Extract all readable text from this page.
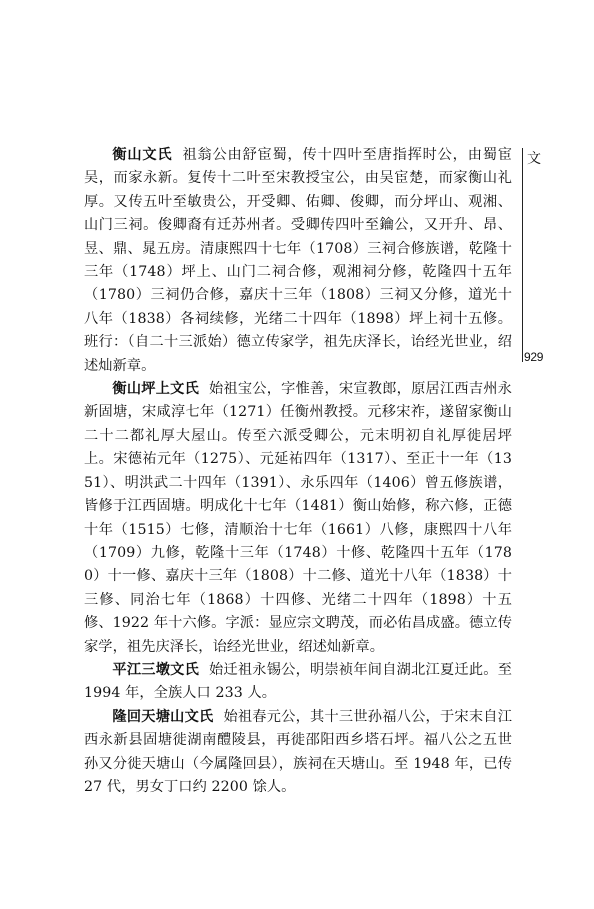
文
929

衡山文氏 祖翁公由舒宦蜀，传十四叶至唐指挥时公，由蜀宦吴，而家永新。复传十二叶至宋教授宝公，由吴宦楚，而家衡山礼厚。又传五叶至敏贵公，开受卿、佑卿、俊卿，而分坪山、观湘、山门三祠。俊卿裔有迁苏州者。受卿传四叶至鑰公，又开升、昂、昱、鼎、晁五房。清康熙四十七年（1708）三祠合修族谱，乾隆十三年（1748）坪上、山门二祠合修，观湘祠分修，乾隆四十五年（1780）三祠仍合修，嘉庆十三年（1808）三祠又分修，道光十八年（1838）各祠续修，光绪二十四年（1898）坪上祠十五修。班行：（自二十三派始）德立传家学，祖先庆泽长，诒经光世业，绍述灿新章。

衡山坪上文氏 始祖宝公，字惟善，宋宣教郎，原居江西吉州永新固塘，宋咸淳七年（1271）任衡州教授。元移宋祚，遂留家衡山二十二都礼厚大屋山。传至六派受卿公，元末明初自礼厚徙居坪上。宋德祐元年（1275）、元延祐四年（1317）、至正十一年（1351）、明洪武二十四年（1391）、永乐四年（1406）曾五修族谱，皆修于江西固塘。明成化十七年（1481）衡山始修，称六修，正德十年（1515）七修，清顺治十七年（1661）八修，康熙四十八年（1709）九修，乾隆十三年（1748）十修、乾隆四十五年（1780）十一修、嘉庆十三年（1808）十二修、道光十八年（1838）十三修、同治七年（1868）十四修、光绪二十四年（1898）十五修、1922 年十六修。字派：显应宗文聘茂，而必佑昌成盛。德立传家学，祖先庆泽长，诒经光世业，绍述灿新章。

平江三墩文氏 始迁祖永锡公，明崇祯年间自湖北江夏迁此。至 1994 年，全族人口 233 人。

隆回天塘山文氏 始祖春元公，其十三世孙福八公，于宋末自江西永新县固塘徙湖南醴陵县，再徙邵阳西乡塔石坪。福八公之五世孙又分徙天塘山（今属隆回县），族祠在天塘山。至 1948 年，已传 27 代，男女丁口约 2200 馀人。
